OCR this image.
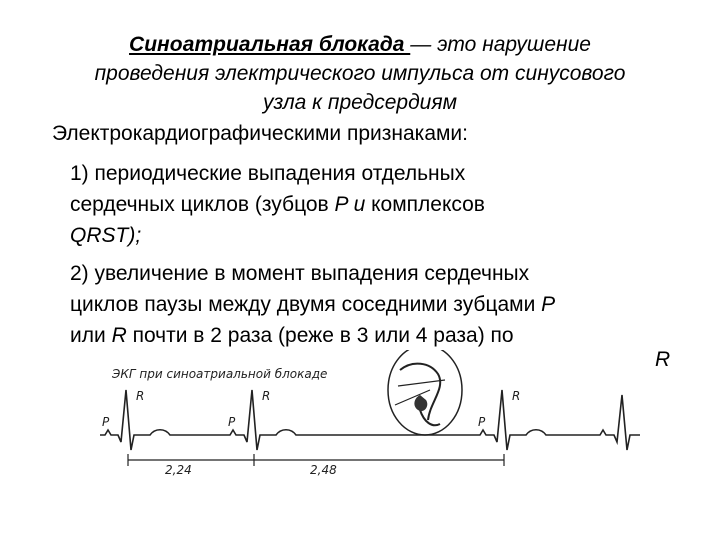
Синоатриальная блокада — это нарушение
проведения электрического импульса от синусового
узла к предсердиям
Электрокардиографическими признаками:
1) периодические выпадения отдельных
сердечных циклов (зубцов P и комплексов
QRST);
2) увеличение в момент выпадения сердечных
циклов паузы между двумя соседними зубцами P
или R почти в 2 раза (реже в 3 или 4 раза) по
ЭКГ при синоатриальной блокаде
R	R	R
P	P	P
2,24	2,48
R
